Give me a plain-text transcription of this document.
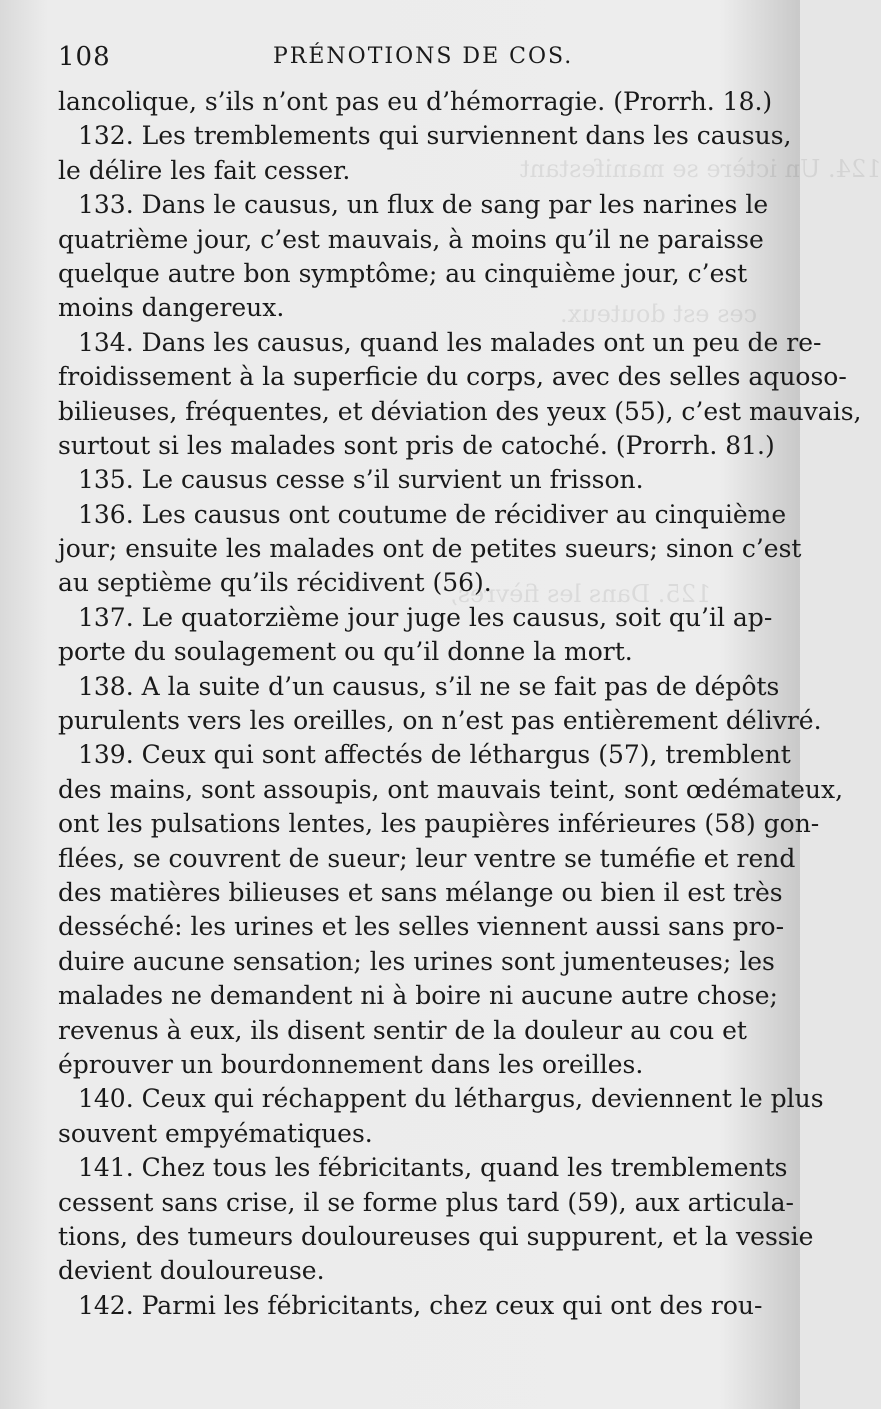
124. Un ictère se manifestant
ces est douteux.
125. Dans les fièvres,
108	PRÉNOTIONS DE COS.
lancolique, s’ils n’ont pas eu d’hémorragie. (Prorrh. 18.)
132. Les tremblements qui surviennent dans les causus,
le délire les fait cesser.
133. Dans le causus, un flux de sang par les narines le
quatrième jour, c’est mauvais, à moins qu’il ne paraisse
quelque autre bon symptôme; au cinquième jour, c’est
moins dangereux.
134. Dans les causus, quand les malades ont un peu de re-
froidissement à la superficie du corps, avec des selles aquoso-
bilieuses, fréquentes, et déviation des yeux (55), c’est mauvais,
surtout si les malades sont pris de catoché. (Prorrh. 81.)
135. Le causus cesse s’il survient un frisson.
136. Les causus ont coutume de récidiver au cinquième
jour; ensuite les malades ont de petites sueurs; sinon c’est
au septième qu’ils récidivent (56).
137. Le quatorzième jour juge les causus, soit qu’il ap-
porte du soulagement ou qu’il donne la mort.
138. A la suite d’un causus, s’il ne se fait pas de dépôts
purulents vers les oreilles, on n’est pas entièrement délivré.
139. Ceux qui sont affectés de léthargus (57), tremblent
des mains, sont assoupis, ont mauvais teint, sont œdémateux,
ont les pulsations lentes, les paupières inférieures (58) gon-
flées, se couvrent de sueur; leur ventre se tuméfie et rend
des matières bilieuses et sans mélange ou bien il est très
desséché: les urines et les selles viennent aussi sans pro-
duire aucune sensation; les urines sont jumenteuses; les
malades ne demandent ni à boire ni aucune autre chose;
revenus à eux, ils disent sentir de la douleur au cou et
éprouver un bourdonnement dans les oreilles.
140. Ceux qui réchappent du léthargus, deviennent le plus
souvent empyématiques.
141. Chez tous les fébricitants, quand les tremblements
cessent sans crise, il se forme plus tard (59), aux articula-
tions, des tumeurs douloureuses qui suppurent, et la vessie
devient douloureuse.
142. Parmi les fébricitants, chez ceux qui ont des rou-
